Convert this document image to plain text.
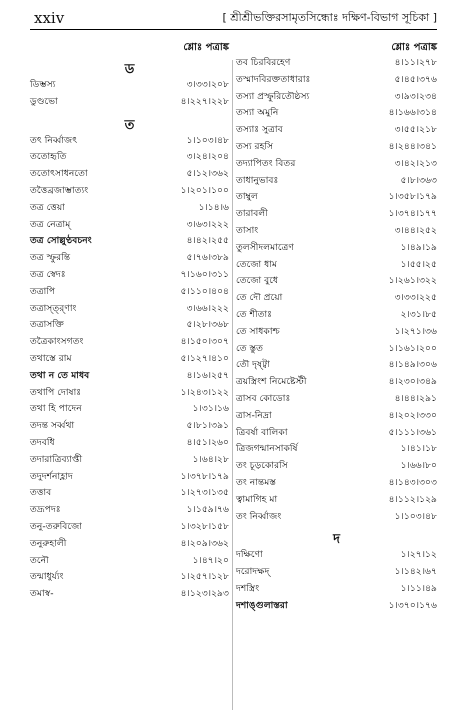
xxiv	[ শ্রীশ্রীভক্তিরসামৃতসিন্ধোঃ দক্ষিণ-বিভাগ সূচিকা ]
শ্লোঃ পত্রাঙ্ক
ড
ডিম্ভস্য	৩।৩৩।২০৮
ডুণ্ডভো	৪।২২৭।২২৮
ত
তৎ নির্ব্বাজৎ	১।১০৩।৪৮
ততোহৃতি	৩।২৪।২০৪
ততোৎসাধনতো	৫।১২।৩৬২
তত্তৈব্রজাম্ভাত্যং	১।২০১।১০০
তত্র ত্তেয়া	১।১৪।৬
তত্র নেত্রাম্	৩।৬৩।২২২
তত্র সোল্লুণ্ঠবচনং	৪।৪২।২৫৫
তত্র স্ফুরন্তি	৫।৭৬।৩৮৯
তত্র স্বেদঃ	৭।১৬০।৩১১
তত্রাপি	৫।১১০।৪০৪
তত্রাস্ত্র্ণাং	৩।৬৬।২২২
তত্রাসক্তি	৫।২৮।৩৬৮
তত্রৈকাংসগতং	৪।১৫০।৩০৭
তথাস্তে রাম	৫।১২৭।৪১০
তথা ন তে মাধব	৪।১৬।২৫৭
তথাপি দোষাঃ	১।২৪৩।১২২
তথা হি পাদেন	১।৩১।১৬
তদন্ত সর্ব্বথা	৫।৮১।৩৯১
তদবধি	৪।৫১।২৬০
তদারাত্রিব্যাপ্তী	১।৬৪।২৮
তদুদর্শনাহ্লাদ	১।৩৭৮।১৭৯
তত্তাব	১।২৭৩।১৩৫
তদ্রূপদঃ	১।১৫৯।৭৬
তনু-তরুবিজো	১।৩২৮।১৫৮
তনুরুহালী	৪।২০৯।৩৬২
তনৌ	১।৪৭।২০
তন্মাধুর্য্যং	১।২৫৭।১২৮
তমাস্ব-	৪।১২৩।২৯৩
শ্লোঃ পত্রাঙ্ক
তব চিরবিরহেণ	৪।১১।২৭৮
তস্মাদবিরক্ততাধারাঃ	৫।৪৫।৩৭৬
তস্যা প্রস্ফুরিতৌষ্ঠস্য	৩।৯৩।২৩৪
তস্যা অমুনি	৪।১৬৬।৩১৪
তস্যাঃ সুত্রাব	৩।৫৫।২১৮
তস্য রহসি	৪।২৪৪।৩৪১
তদ্যাপিতং বিতর	৩।৪২।২১৩
তাধানুভাবঃ	৫।৮।৩৬৩
তাম্বুল	১।৩৫৮।১৭৯
তারাবলী	১।৩৭৪।১৭৭
তাসাং	৩।৪৪।২৫২
তুলসীদলমাত্রেণ	১।৪৯।১৯
তেজো ধাম	১।৫৫।২৫
তেজো বুধে	১।২৬১।৩২২
তে দৌ প্রয়ো	৩।৩৩।২২৫
তে শীতাঃ	২।৩১।৮৫
তে সাধকাশ্চ	১।২৭১।৩৬
তে স্তুত	১।১৬১।২০০
তৌ দৃষ্ট্বা	৪।১৪৯।৩০৬
ত্রয়স্ত্রিংশ নিমেষ্টেস্টী	৪।২৩০।৩৪৯
ত্রাসব কোডোঃ	৪।৪৪।২৯১
ত্রাস-নিদ্রা	৪।২০২।৩৩০
ত্রিবর্ষা বালিকা	৫।১১১।৩৬১
ত্রিজগন্মানসাকর্ষি	১।৪১।১৮
তং চূড়কোরসি	১।৬৬।৮০
তং নান্তমস্ত	৪।১৪৩।৩০৩
ত্বামাগিহ মা	৪।১১২।১২৯
তং নির্ব্বাজং	১।১০৩।৪৮
দ
দক্ষিণো	১।২৭।১২
দরোদক্ষদ্	১।১৪২।৬৭
দশস্ত্রিং	১।১১।৪৯
দশাঙ্গুলাস্তরা	১।৩৭০।১৭৬
